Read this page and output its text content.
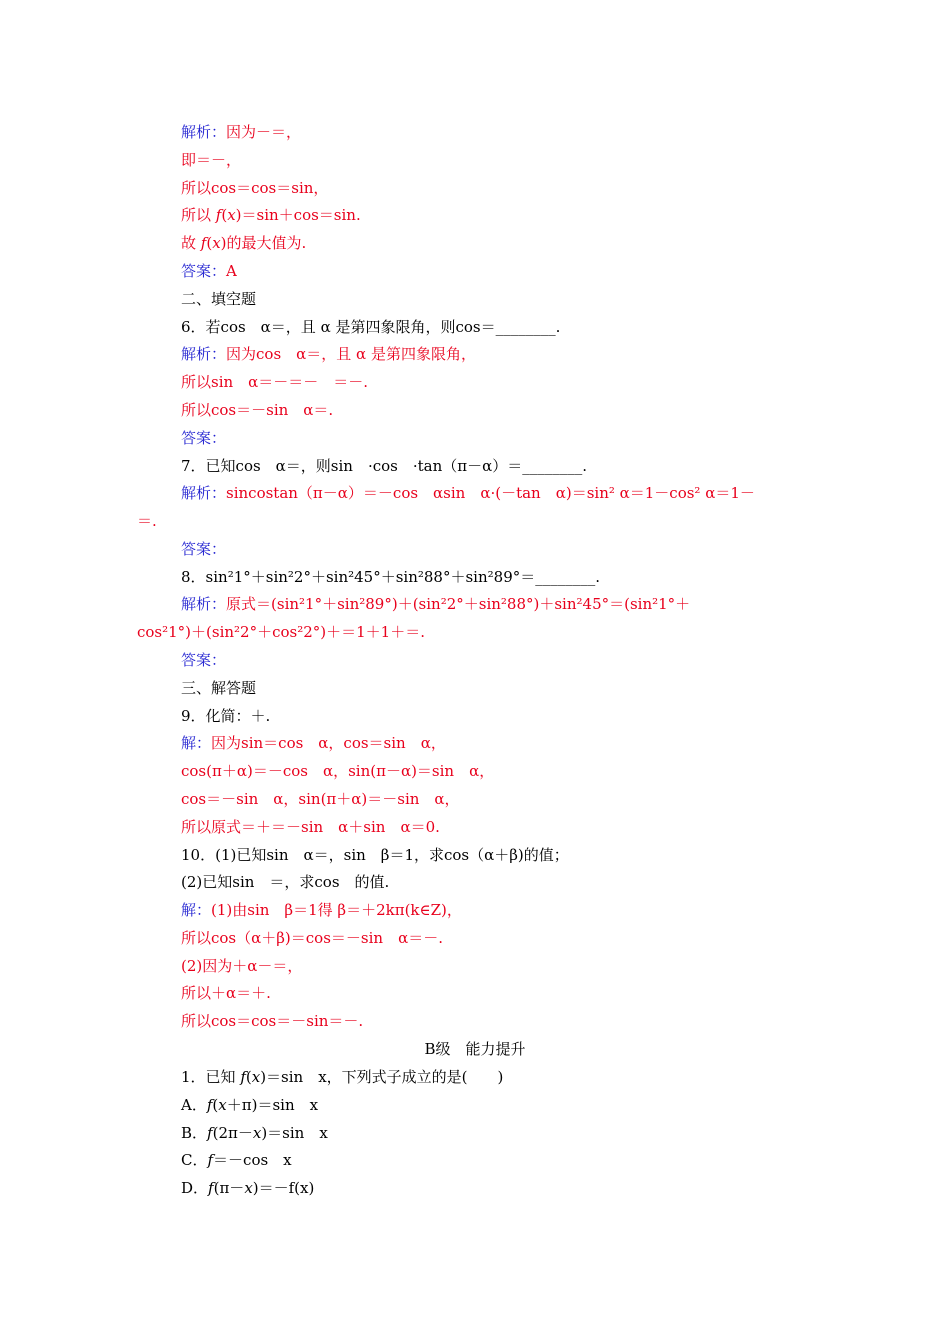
解析：因为－＝，
即＝－，
所以cos＝cos＝sin，
所以 f(x)＝sin＋cos＝sin.
故 f(x)的最大值为.
答案：A
二、填空题
6．若cos　α＝，且 α 是第四象限角，则cos＝________.
解析：因为cos　α＝，且 α 是第四象限角，
所以sin　α＝－＝－　＝－.
所以cos＝－sin　α＝.
答案：
7．已知cos　α＝，则sin　·cos　·tan（π－α）＝________.
解析：sincostan（π－α）＝－cos　αsin　α·(－tan　α)＝sin² α＝1－cos² α＝1－
＝.
答案：
8．sin²1°＋sin²2°＋sin²45°＋sin²88°＋sin²89°＝________.
解析：原式＝(sin²1°＋sin²89°)＋(sin²2°＋sin²88°)＋sin²45°＝(sin²1°＋
cos²1°)＋(sin²2°＋cos²2°)＋＝1＋1＋＝.
答案：
三、解答题
9．化简：＋.
解：因为sin＝cos　α，cos＝sin　α，
cos(π＋α)＝－cos　α，sin(π－α)＝sin　α，
cos＝－sin　α，sin(π＋α)＝－sin　α，
所以原式＝＋＝－sin　α＋sin　α＝0.
10．(1)已知sin　α＝，sin　β＝1，求cos（α＋β)的值；
(2)已知sin　＝，求cos　的值.
解：(1)由sin　β＝1得 β＝＋2kπ(k∈Z)，
所以cos（α＋β)＝cos＝－sin　α＝－.
(2)因为＋α－＝，
所以＋α＝＋.
所以cos＝cos＝－sin＝－.
B级　能力提升
1．已知 f(x)＝sin　x，下列式子成立的是(　　)
A．f(x＋π)＝sin　x
B．f(2π－x)＝sin　x
C．f＝－cos　x
D．f(π－x)＝－f(x)
